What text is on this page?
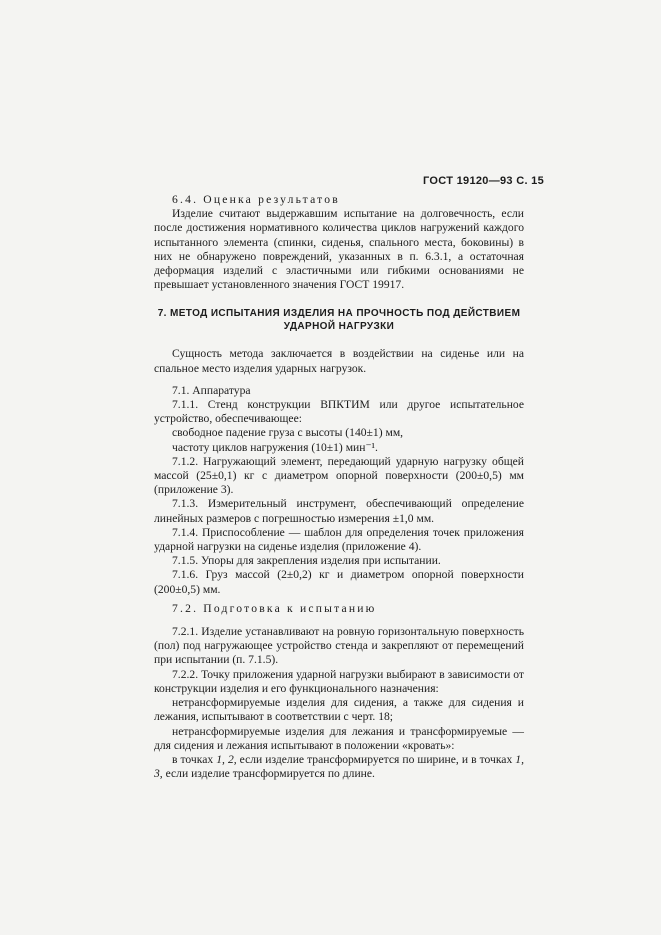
ГОСТ 19120—93 С. 15

6.4. Оценка результатов

Изделие считают выдержавшим испытание на долговечность, если после достижения нормативного количества циклов нагружений каждого испытанного элемента (спинки, сиденья, спального места, боковины) в них не обнаружено повреждений, указанных в п. 6.3.1, а остаточная деформация изделий с эластичными или гибкими основаниями не превышает установленного значения ГОСТ 19917.

7. МЕТОД ИСПЫТАНИЯ ИЗДЕЛИЯ НА ПРОЧНОСТЬ ПОД ДЕЙСТВИЕМ
УДАРНОЙ НАГРУЗКИ

Сущность метода заключается в воздействии на сиденье или на спальное место изделия ударных нагрузок.

7.1. Аппаратура

7.1.1. Стенд конструкции ВПКТИМ или другое испытательное устройство, обеспечивающее:

свободное падение груза с высоты (140±1) мм,

частоту циклов нагружения (10±1) мин⁻¹.

7.1.2. Нагружающий элемент, передающий ударную нагрузку общей массой (25±0,1) кг с диаметром опорной поверхности (200±0,5) мм (приложение 3).

7.1.3. Измерительный инструмент, обеспечивающий определение линейных размеров с погрешностью измерения ±1,0 мм.

7.1.4. Приспособление — шаблон для определения точек приложения ударной нагрузки на сиденье изделия (приложение 4).

7.1.5. Упоры для закрепления изделия при испытании.

7.1.6. Груз массой (2±0,2) кг и диаметром опорной поверхности (200±0,5) мм.

7.2. Подготовка к испытанию

7.2.1. Изделие устанавливают на ровную горизонтальную поверхность (пол) под нагружающее устройство стенда и закрепляют от перемещений при испытании (п. 7.1.5).

7.2.2. Точку приложения ударной нагрузки выбирают в зависимости от конструкции изделия и его функционального назначения:

нетрансформируемые изделия для сидения, а также для сидения и лежания, испытывают в соответствии с черт. 18;

нетрансформируемые изделия для лежания и трансформируемые — для сидения и лежания испытывают в положении «кровать»:

в точках 1, 2, если изделие трансформируется по ширине, и в точках 1, 3, если изделие трансформируется по длине.
